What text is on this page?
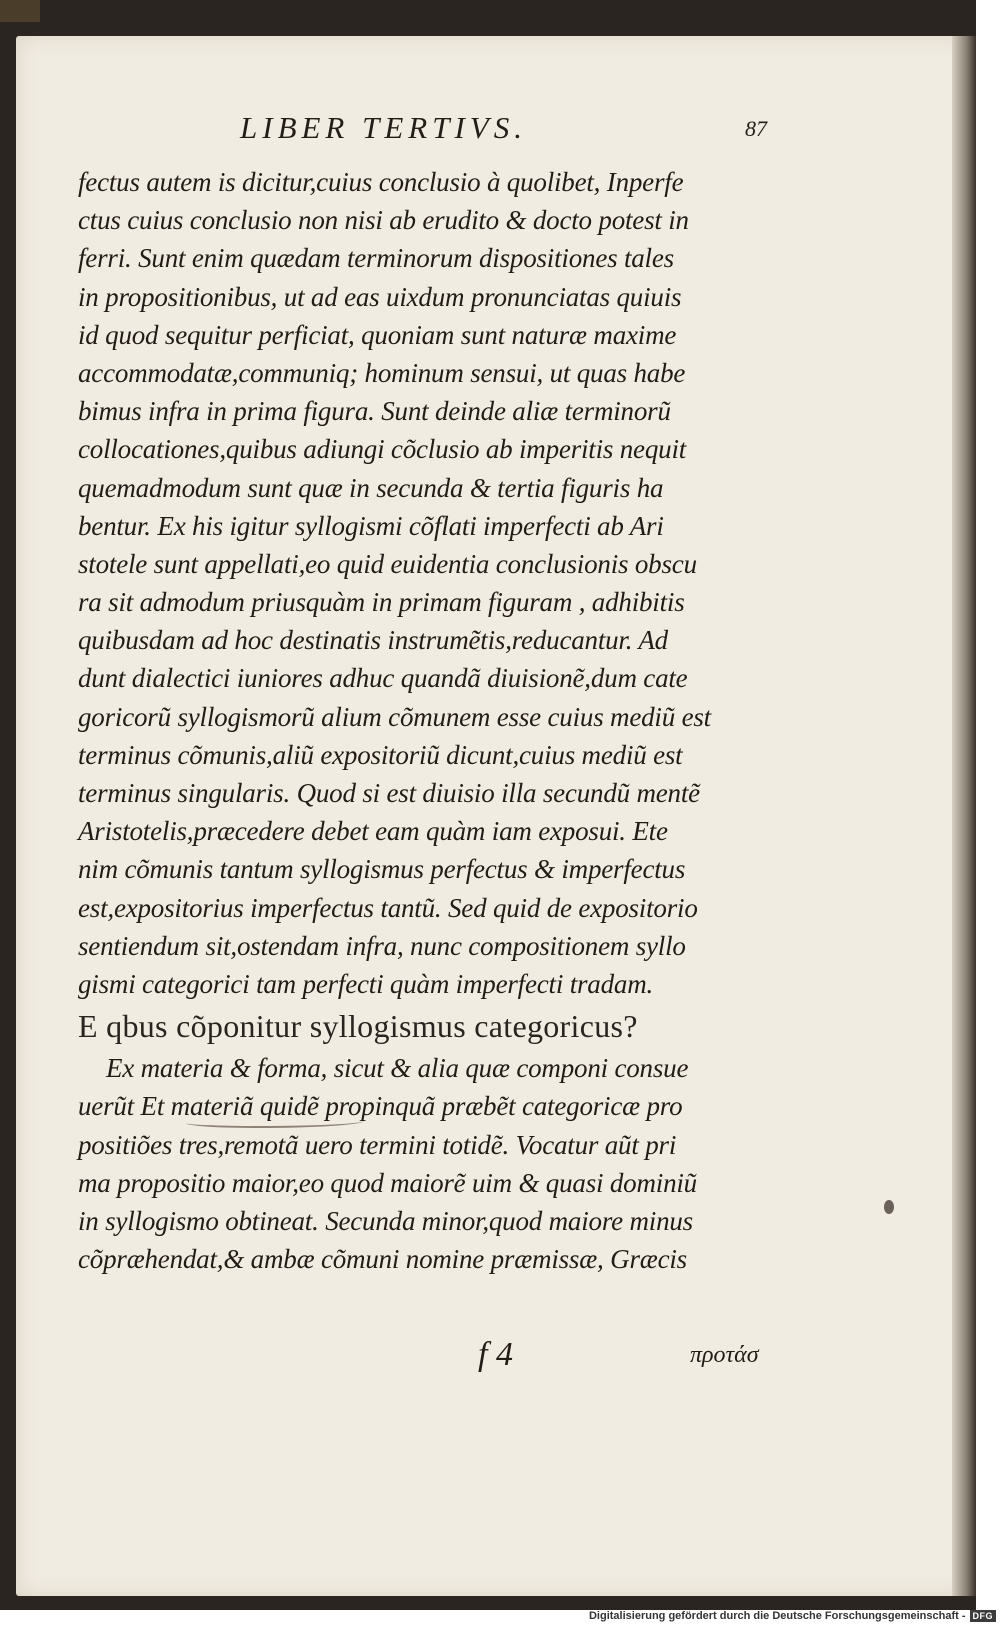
LIBER TERTIVS.	87
fectus autem is dicitur,cuius conclusio à quolibet, Inperfe
ctus cuius conclusio non nisi ab erudito & docto potest in
ferri. Sunt enim quædam terminorum dispositiones tales
in propositionibus, ut ad eas uixdum pronunciatas quiuis
id quod sequitur perficiat, quoniam sunt naturæ maxime
accommodatæ,communiq; hominum sensui, ut quas habe
bimus infra in prima figura. Sunt deinde aliæ terminorũ
collocationes,quibus adiungi cõclusio ab imperitis nequit
quemadmodum sunt quæ in secunda & tertia figuris ha
bentur. Ex his igitur syllogismi cõflati imperfecti ab Ari
stotele sunt appellati,eo quid euidentia conclusionis obscu
ra sit admodum priusquàm in primam figuram , adhibitis
quibusdam ad hoc destinatis instrumẽtis,reducantur. Ad
dunt dialectici iuniores adhuc quandã diuisionẽ,dum cate
goricorũ syllogismorũ alium cõmunem esse cuius mediũ est
terminus cõmunis,aliũ expositoriũ dicunt,cuius mediũ est
terminus singularis. Quod si est diuisio illa secundũ mentẽ
Aristotelis,præcedere debet eam quàm iam exposui. Ete
nim cõmunis tantum syllogismus perfectus & imperfectus
est,expositorius imperfectus tantũ. Sed quid de expositorio
sentiendum sit,ostendam infra, nunc compositionem syllo
gismi categorici tam perfecti quàm imperfecti tradam.
E qbus cõponitur syllogismus categoricus?
Ex materia & forma, sicut & alia quæ componi consue
uerũt Et materiã quidẽ propinquã præbẽt categoricæ pro
positiões tres,remotã uero termini totidẽ. Vocatur aũt pri
ma propositio maior,eo quod maiorẽ uim & quasi dominiũ
in syllogismo obtineat. Secunda minor,quod maiore minus
cõpræhendat,& ambæ cõmuni nomine præmissæ, Græcis
f 4	προτάσ
Digitalisierung gefördert durch die Deutsche Forschungsgemeinschaft - DFG
